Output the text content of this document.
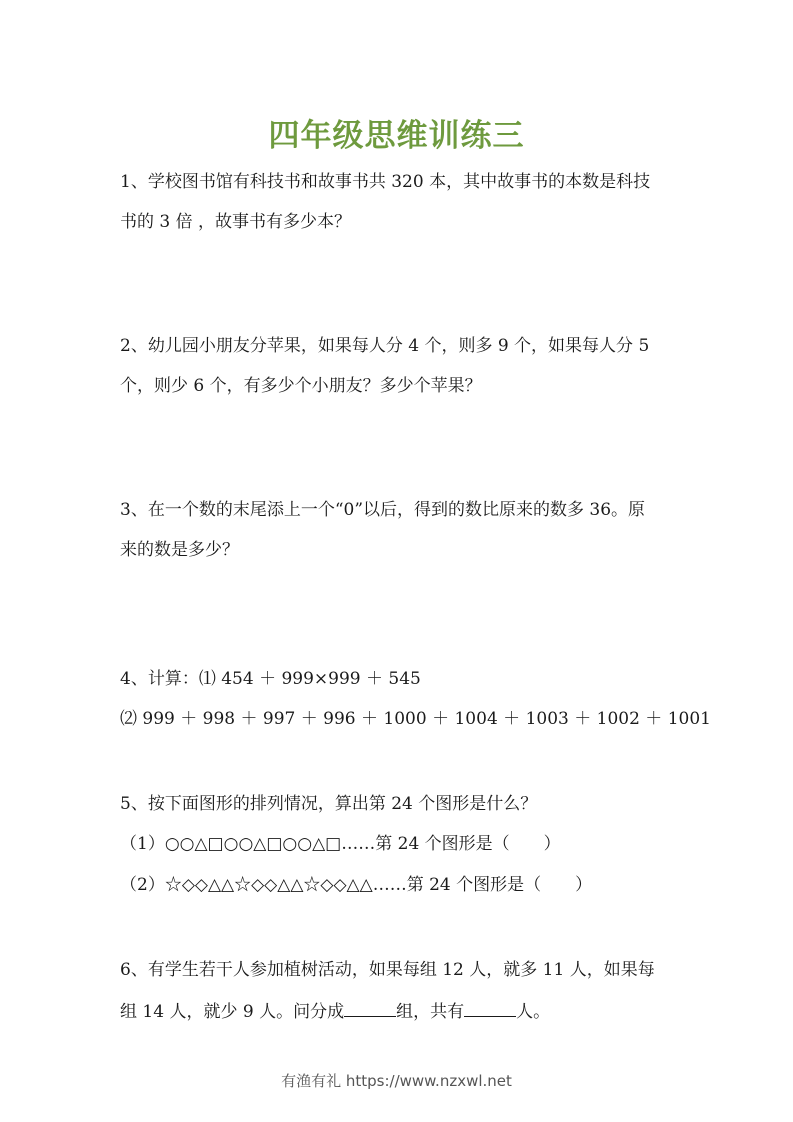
四年级思维训练三
1、学校图书馆有科技书和故事书共 320 本，其中故事书的本数是科技
书的 3 倍 ，故事书有多少本？
2、幼儿园小朋友分苹果，如果每人分 4 个，则多 9 个，如果每人分 5
个，则少 6 个，有多少个小朋友？多少个苹果？
3、在一个数的末尾添上一个“0”以后，得到的数比原来的数多 36。原
来的数是多少？
4、计算：⑴ 454 ＋ 999×999 ＋ 545
⑵ 999 ＋ 998 ＋ 997 ＋ 996 ＋ 1000 ＋ 1004 ＋ 1003 ＋ 1002 ＋ 1001
5、按下面图形的排列情况，算出第 24 个图形是什么？
（1）○○△□○○△□○○△□……第 24 个图形是（　　）
（2）☆◇◇△△☆◇◇△△☆◇◇△△……第 24 个图形是（　　）
6、有学生若干人参加植树活动，如果每组 12 人，就多 11 人，如果每
组 14 人，就少 9 人。问分成	组，共有	人。
有渔有礼 https://www.nzxwl.net
